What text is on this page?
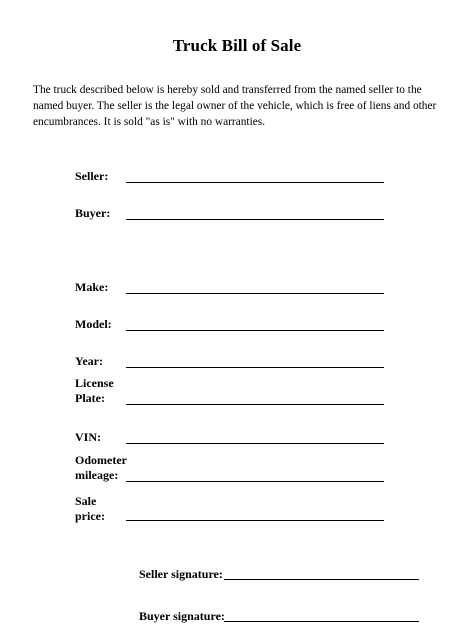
Truck Bill of Sale
The truck described below is hereby sold and transferred from the named seller to the named buyer. The seller is the legal owner of the vehicle, which is free of liens and other encumbrances. It is sold "as is" with no warranties.
Seller:
Buyer:
Make:
Model:
Year:
License
Plate:
VIN:
Odometer
mileage:
Sale
price:
Seller signature:
Buyer signature:
